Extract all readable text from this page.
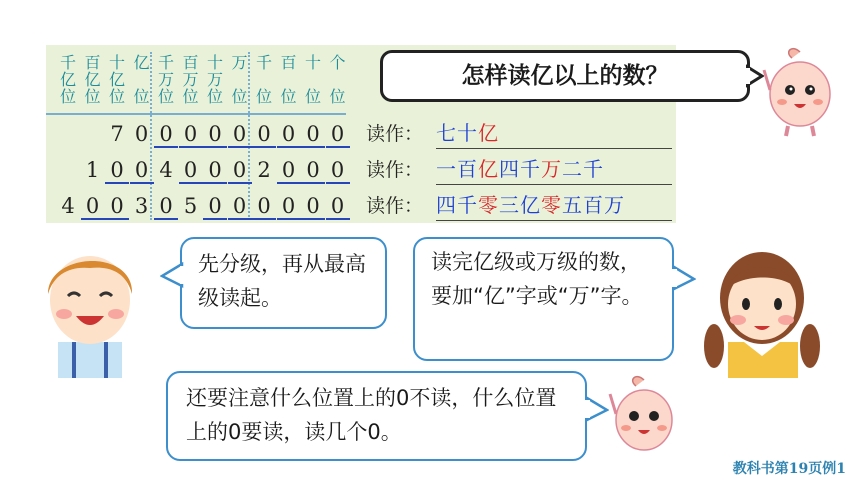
千
亿
位
百
亿
位
十
亿
位
亿

位
千
万
位
百
万
位
十
万
位
万

位
千

位
百

位
十

位
个

位
7 0 0 0 0 0 0 0 0 0 读作： 七十亿
1 0 0 4 0 0 0 2 0 0 0 读作： 一百亿四千万二千
4 0 0 3 0 5 0 0 0 0 0 0 读作： 四千零三亿零五百万
怎样读亿以上的数？
先分级，再从最高级读起。
读完亿级或万级的数，要加“亿”字或“万”字。
还要注意什么位置上的0不读，什么位置上的0要读，读几个0。
教科书第19页例1
